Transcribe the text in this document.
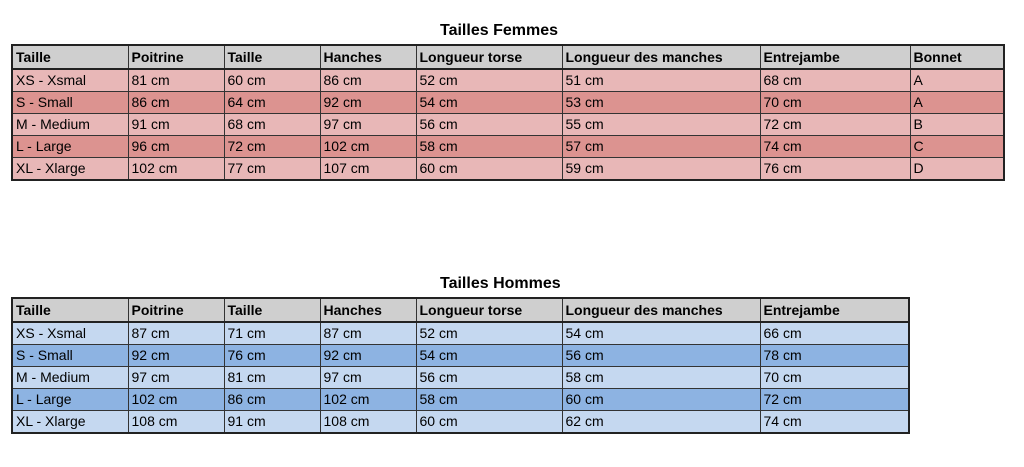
Tailles Femmes
Taille	Poitrine	Taille	Hanches	Longueur torse	Longueur des manches	Entrejambe	Bonnet
XS - Xsmal	81 cm	60 cm	86 cm	52 cm	51 cm	68 cm	A
S - Small	86 cm	64 cm	92 cm	54 cm	53 cm	70 cm	A
M - Medium	91 cm	68 cm	97 cm	56 cm	55 cm	72 cm	B
L - Large	96 cm	72 cm	102 cm	58 cm	57 cm	74 cm	C
XL - Xlarge	102 cm	77 cm	107 cm	60 cm	59 cm	76 cm	D
Tailles Hommes
Taille	Poitrine	Taille	Hanches	Longueur torse	Longueur des manches	Entrejambe
XS - Xsmal	87 cm	71 cm	87 cm	52 cm	54 cm	66 cm
S - Small	92 cm	76 cm	92 cm	54 cm	56 cm	78 cm
M - Medium	97 cm	81 cm	97 cm	56 cm	58 cm	70 cm
L - Large	102 cm	86 cm	102 cm	58 cm	60 cm	72 cm
XL - Xlarge	108 cm	91 cm	108 cm	60 cm	62 cm	74 cm
